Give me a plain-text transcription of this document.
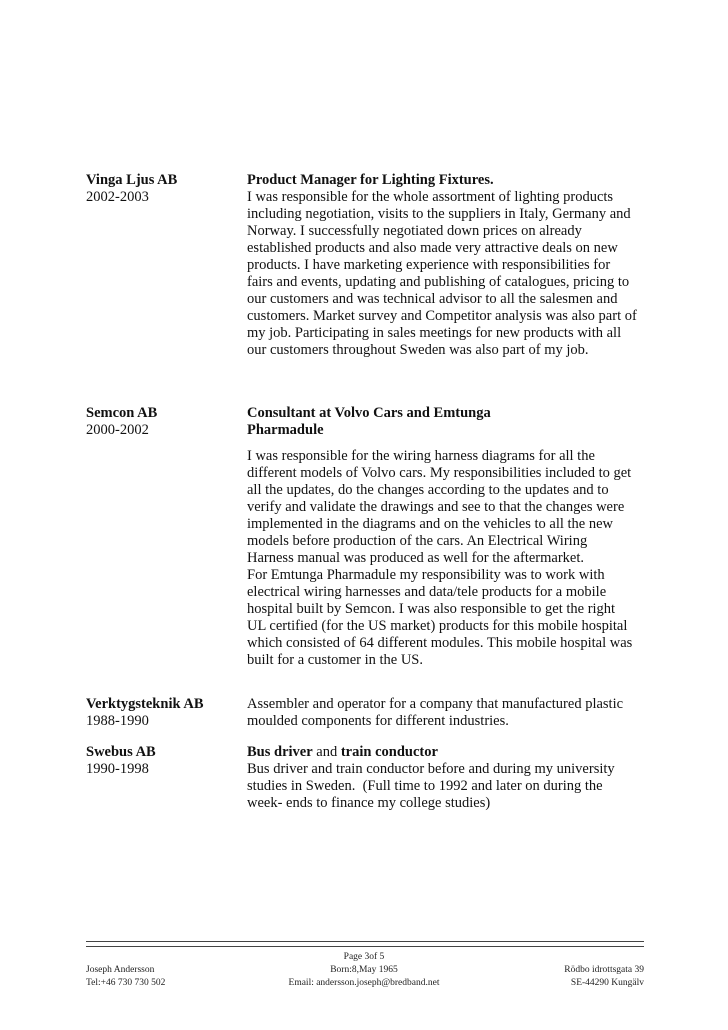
Vinga Ljus AB
2002-2003
Product Manager for Lighting Fixtures.

I was responsible for the whole assortment of lighting products

including negotiation, visits to the suppliers in Italy, Germany and

Norway. I successfully negotiated down prices on already

established products and also made very attractive deals on new

products. I have marketing experience with responsibilities for

fairs and events, updating and publishing of catalogues, pricing to

our customers and was technical advisor to all the salesmen and

customers. Market survey and Competitor analysis was also part of

my job. Participating in sales meetings for new products with all

our customers throughout Sweden was also part of my job.

Semcon AB
2000-2002
Consultant at Volvo Cars and Emtunga
Pharmadule

I was responsible for the wiring harness diagrams for all the

different models of Volvo cars. My responsibilities included to get

all the updates, do the changes according to the updates and to

verify and validate the drawings and see to that the changes were

implemented in the diagrams and on the vehicles to all the new

models before production of the cars. An Electrical Wiring

Harness manual was produced as well for the aftermarket.

For Emtunga Pharmadule my responsibility was to work with

electrical wiring harnesses and data/tele products for a mobile

hospital built by Semcon. I was also responsible to get the right

UL certified (for the US market) products for this mobile hospital

which consisted of 64 different modules. This mobile hospital was

built for a customer in the US.

Verktygsteknik AB
1988-1990

Assembler and operator for a company that manufactured plastic

moulded components for different industries.

Swebus AB
1990-1998
Bus driver and train conductor

Bus driver and train conductor before and during my university

studies in Sweden.  (Full time to 1992 and later on during the

week- ends to finance my college studies)

Page 3of 5
Joseph Andersson	Born:8,May 1965	Rödbo idrottsgata 39
Tel:+46 730 730 502	Email: andersson.joseph@bredband.net	SE-44290 Kungälv
